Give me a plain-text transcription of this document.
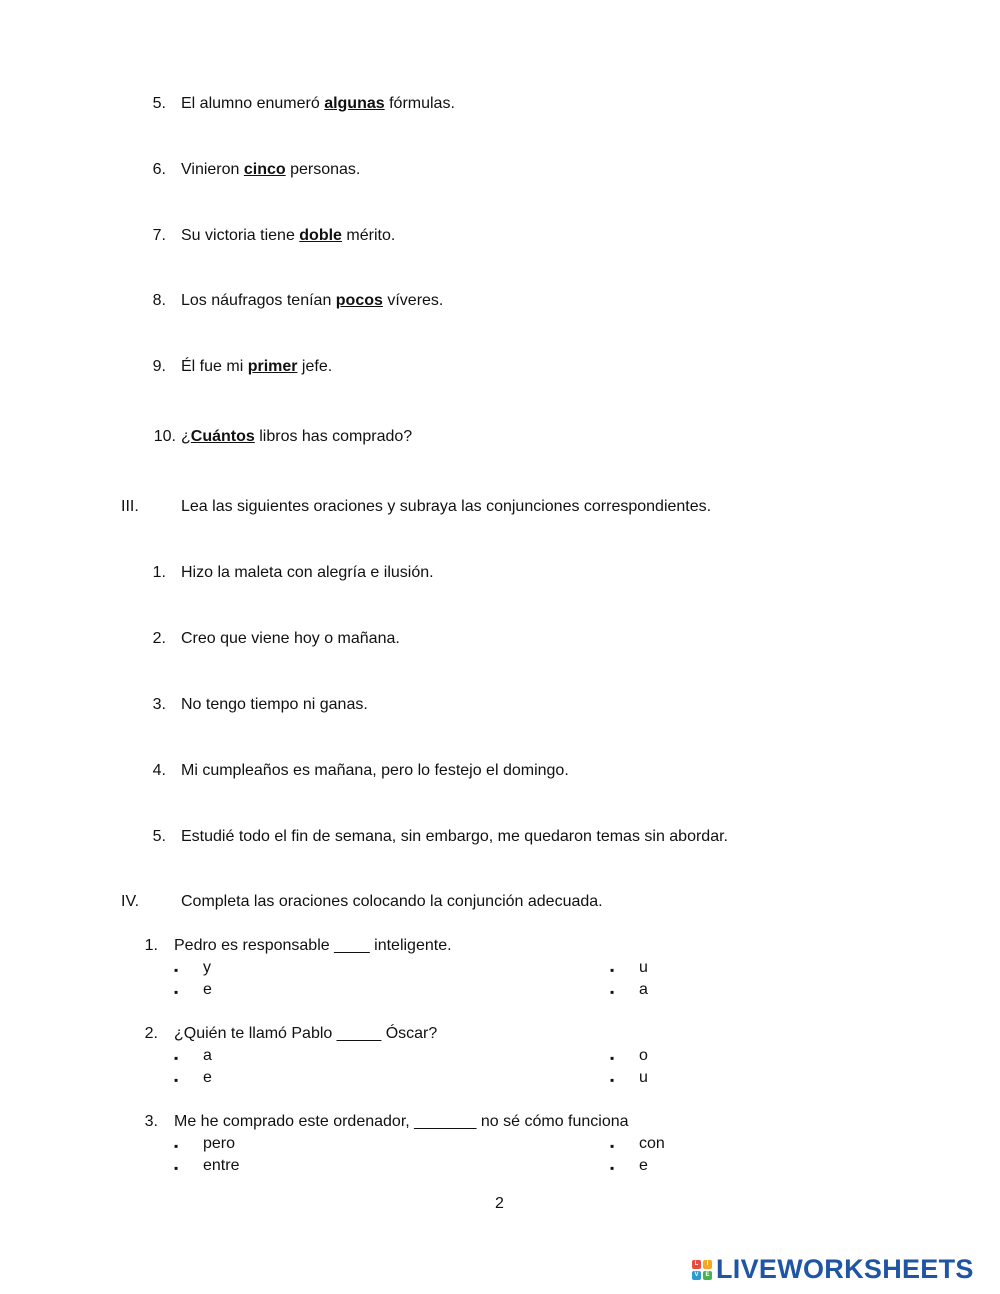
5. El alumno enumeró algunas fórmulas.
6. Vinieron cinco personas.
7. Su victoria tiene doble mérito.
8. Los náufragos tenían pocos víveres.
9. Él fue mi primer jefe.
10. ¿Cuántos libros has comprado?
III.	Lea las siguientes oraciones y subraya las conjunciones correspondientes.
1. Hizo la maleta con alegría e ilusión.
2. Creo que viene hoy o mañana.
3. No tengo tiempo ni ganas.
4. Mi cumpleaños es mañana, pero lo festejo el domingo.
5. Estudié todo el fin de semana, sin embargo, me quedaron temas sin abordar.
IV.	Completa las oraciones colocando la conjunción adecuada.
1. Pedro es responsable ____ inteligente.
▪ y
▪ e
▪ u
▪ a
2. ¿Quién te llamó Pablo _____ Óscar?
▪ a
▪ e
▪ o
▪ u
3. Me he comprado este ordenador, _______ no sé cómo funciona
▪ pero
▪ entre
▪ con
▪ e
2
L	I
V	E LIVEWORKSHEETS
